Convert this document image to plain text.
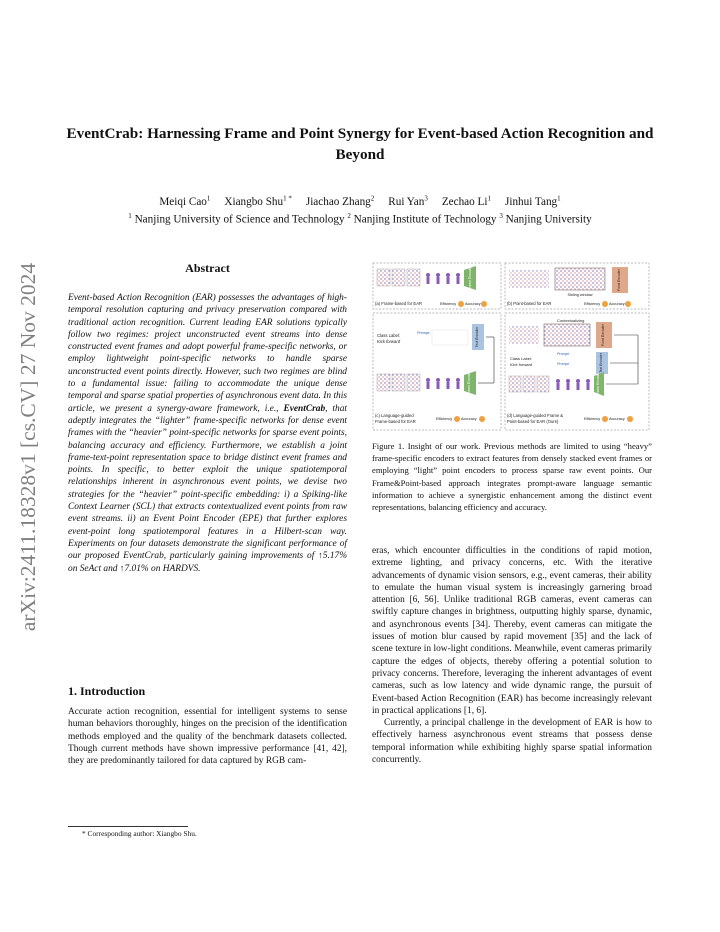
EventCrab: Harnessing Frame and Point Synergy for Event-based Action Recognition and Beyond
Meiqi Cao$^1$ Xiangbo Shu$^{1 *}$ Jiachao Zhang$^2$ Rui Yan$^3$ Zechao Li$^1$ Jinhui Tang$^1$
$^1$ Nanjing University of Science and Technology $^2$ Nanjing Institute of Technology $^3$ Nanjing University
arXiv:2411.18328v1 [cs.CV] 27 Nov 2024	Abstract
Event-based Action Recognition (EAR) possesses the advantages of high-temporal resolution capturing and privacy preservation compared with traditional action recognition. Current leading EAR solutions typically follow two regimes: project unconstructed event streams into dense constructed event frames and adopt powerful frame-specific networks, or employ lightweight point-specific networks to handle sparse unconstructed event points directly. However, such two regimes are blind to a fundamental issue: failing to accommodate the unique dense temporal and sparse spatial properties of asynchronous event data. In this article, we present a synergy-aware framework, i.e., EventCrab, that adeptly integrates the “lighter” frame-specific networks for dense event frames with the “heavier” point-specific networks for sparse event points, balancing accuracy and efficiency. Furthermore, we establish a joint frame-text-point representation space to bridge distinct event frames and points. In specific, to better exploit the unique spatiotemporal relationships inherent in asynchronous event points, we devise two strategies for the “heavier” point-specific embedding: i) a Spiking-like Context Learner (SCL) that extracts contextualized event points from raw event streams. ii) an Event Point Encoder (EPE) that further explores event-point long spatiotemporal features in a Hilbert-scan way. Experiments on four datasets demonstrate the significant performance of our proposed EventCrab, particularly gaining improvements of ↑5.17% on SeAct and ↑7.01% on HARDVS.
1. Introduction
Accurate action recognition, essential for intelligent systems to sense human behaviors thoroughly, hinges on the precision of the identification methods employed and the quality of the benchmark datasets collected. Though current methods have shown impressive performance [41, 42], they are predominantly tailored for data captured by RGB cam-
* Corresponding author: Xiangbo Shu.
Frame Encoder
(a) Frame-based for EAR	Efficiency Accuracy
Sliding window
Point Encoder
(b) Point-based for EAR	Efficiency Accuracy
Class Label:
Kick forward
Prompt:	Text Encoder
Frame Encoder
(c) Language-guided
Frame-based for EAR	Efficiency Accuracy
Contextualizing
Point Encoder
Class Label:
Kick forward
Prompt:
Prompt:	Text Encoder
Frame Encoder
(d) Language-guided Frame &
Point-based for EAR (Ours)	Efficiency Accuracy
Figure 1. Insight of our work. Previous methods are limited to using “heavy” frame-specific encoders to extract features from densely stacked event frames or employing “light” point encoders to process sparse raw event points. Our Frame&Point-based approach integrates prompt-aware language semantic information to achieve a synergistic enhancement among the distinct event representations, balancing efficiency and accuracy.

eras, which encounter difficulties in the conditions of rapid motion, extreme lighting, and privacy concerns, etc. With the iterative advancements of dynamic vision sensors, e.g., event cameras, their ability to emulate the human visual system is increasingly garnering broad attention [6, 56]. Unlike traditional RGB cameras, event cameras can swiftly capture changes in brightness, outputting highly sparse, dynamic, and asynchronous events [34]. Thereby, event cameras can mitigate the issues of motion blur caused by rapid movement [35] and the lack of scene texture in low-light conditions. Meanwhile, event cameras primarily capture the edges of objects, thereby offering a potential solution to privacy concerns. Therefore, leveraging the inherent advantages of event cameras, such as low latency and wide dynamic range, the pursuit of Event-based Action Recognition (EAR) has become increasingly relevant in practical applications [1, 6].

Currently, a principal challenge in the development of EAR is how to effectively harness asynchronous event streams that possess dense temporal information while exhibiting highly sparse spatial information concurrently.
